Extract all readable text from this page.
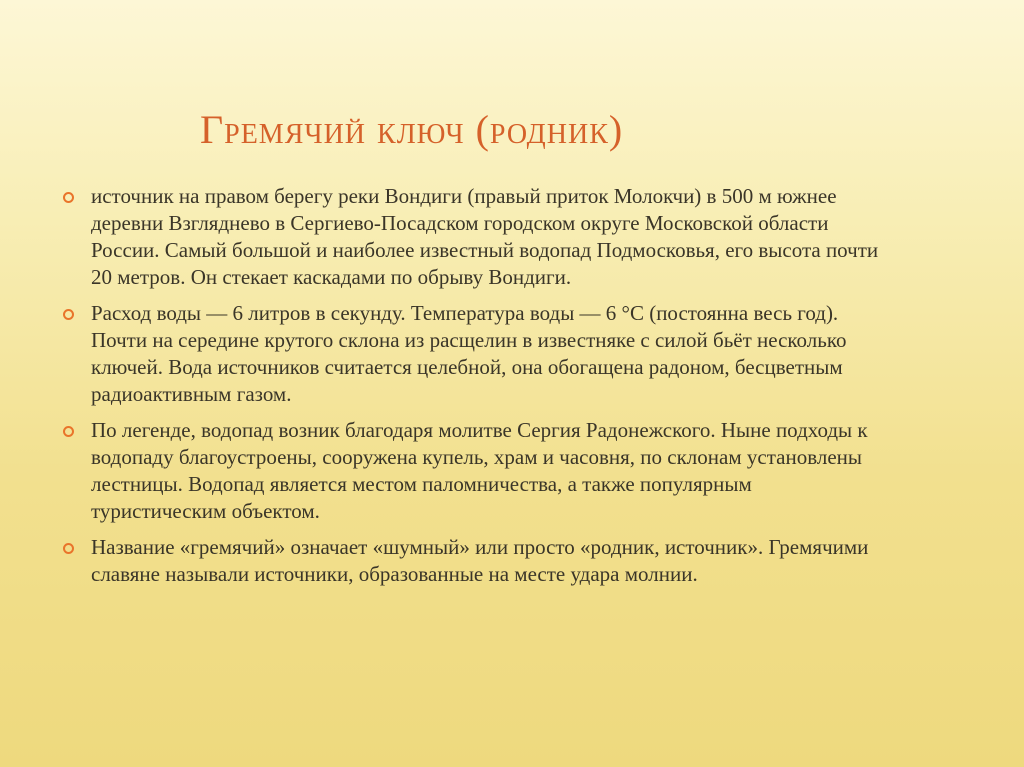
Гремячий ключ (родник)
источник на правом берегу реки Вондиги (правый приток Молокчи) в 500 м южнее деревни Взгляднево в Сергиево-Посадском городском округе Московской области России. Самый большой и наиболее известный водопад Подмосковья, его высота почти 20 метров. Он стекает каскадами по обрыву Вондиги.
Расход воды — 6 литров в секунду. Температура воды — 6 °C (постоянна весь год). Почти на середине крутого склона из расщелин в известняке с силой бьёт несколько ключей. Вода источников считается целебной, она обогащена радоном, бесцветным радиоактивным газом.
По легенде, водопад возник благодаря молитве Сергия Радонежского. Ныне подходы к водопаду благоустроены, сооружена купель, храм и часовня, по склонам установлены лестницы. Водопад является местом паломничества, а также популярным туристическим объектом.
Название «гремячий» означает «шумный» или просто «родник, источник». Гремячими славяне называли источники, образованные на месте удара молнии.
